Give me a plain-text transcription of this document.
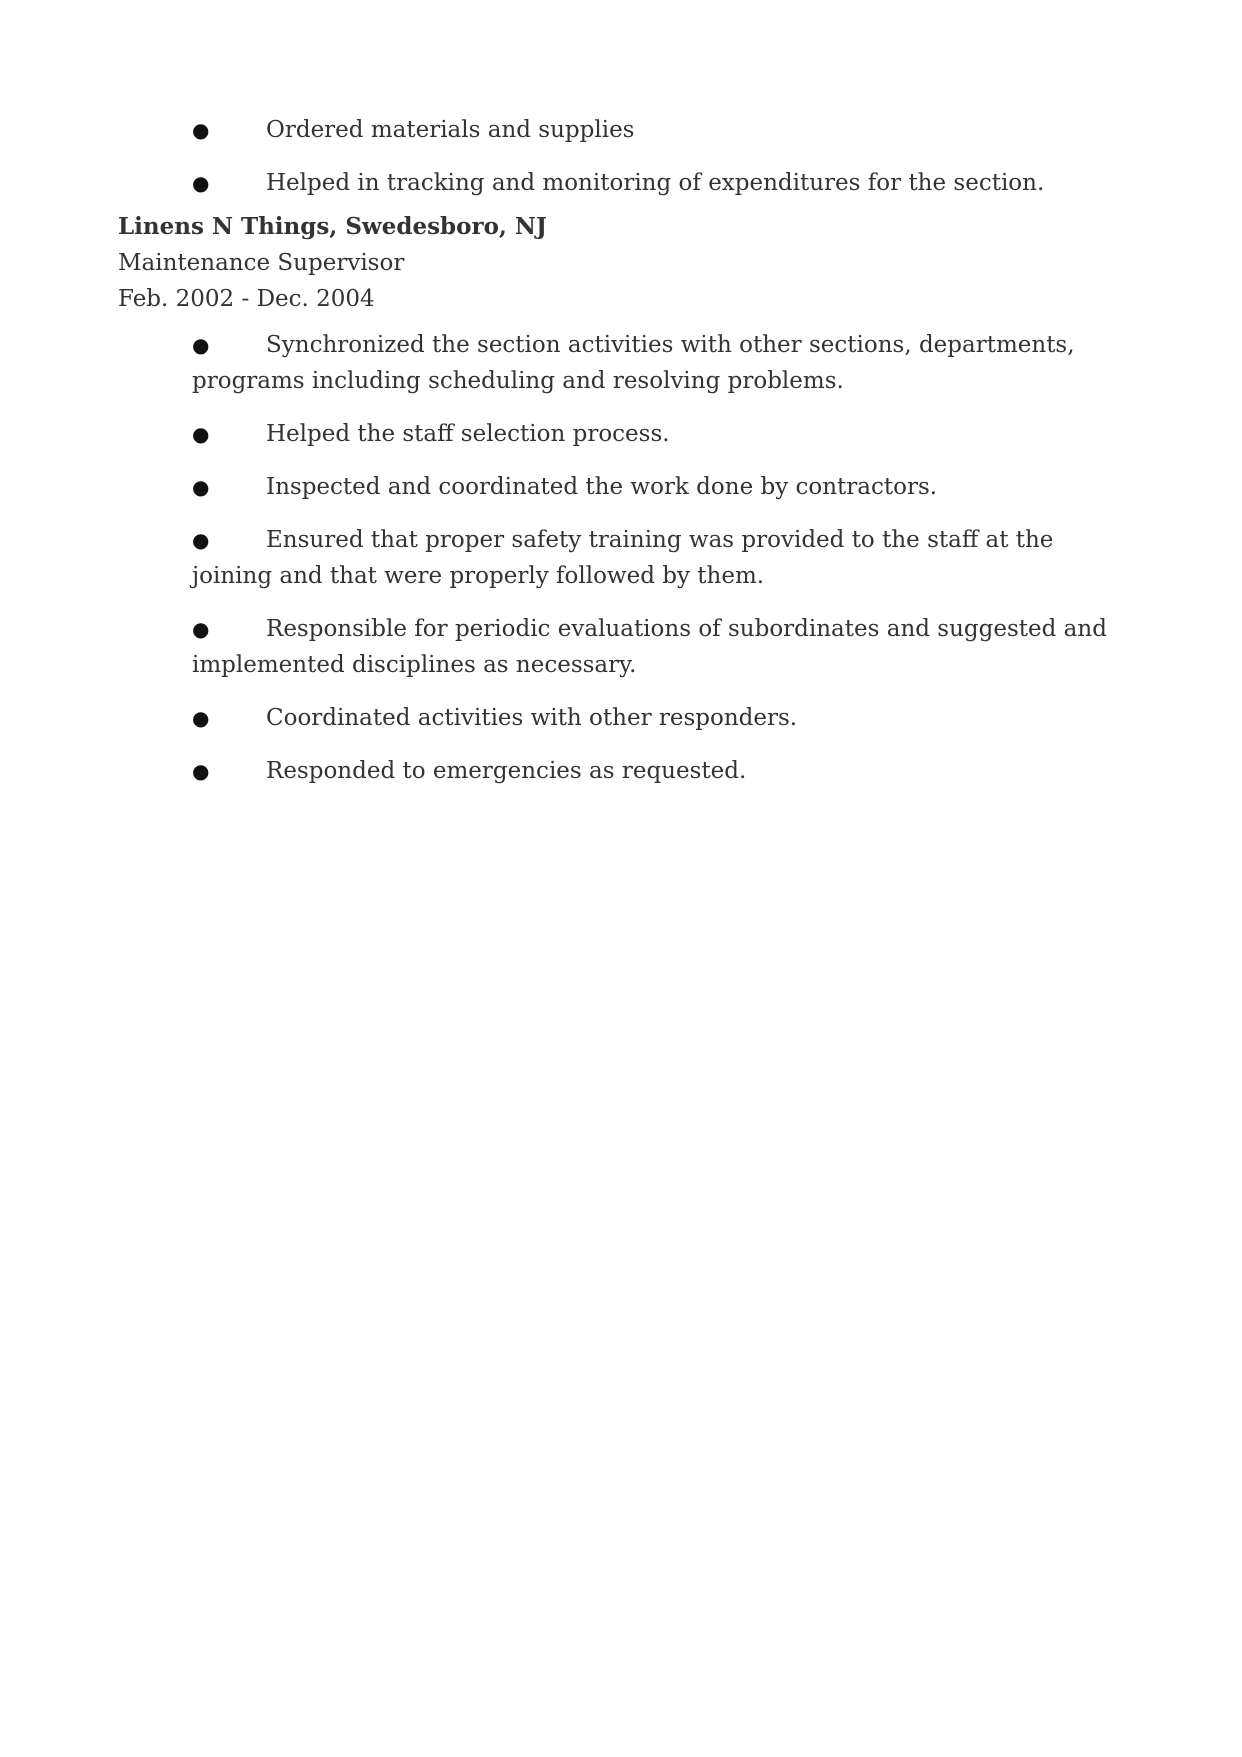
● Ordered materials and supplies
● Helped in tracking and monitoring of expenditures for the section.
Linens N Things, Swedesboro, NJ
Maintenance Supervisor
Feb. 2002 - Dec. 2004
● Synchronized the section activities with other sections, departments, programs including scheduling and resolving problems.
● Helped the staff selection process.
● Inspected and coordinated the work done by contractors.
● Ensured that proper safety training was provided to the staff at the joining and that were properly followed by them.
● Responsible for periodic evaluations of subordinates and suggested and implemented disciplines as necessary.
● Coordinated activities with other responders.
● Responded to emergencies as requested.
